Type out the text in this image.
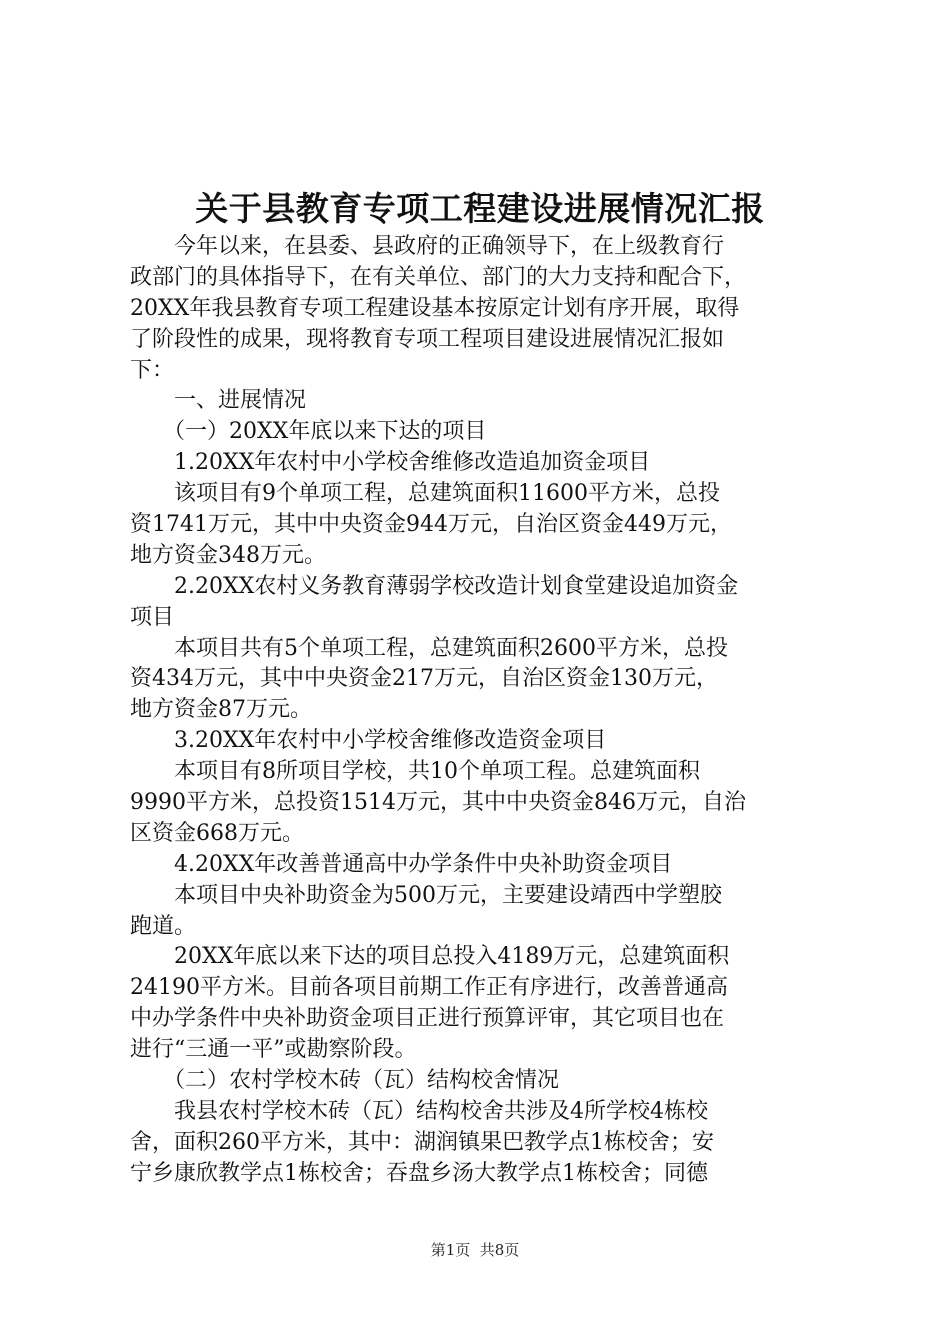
关于县教育专项工程建设进展情况汇报
　　今年以来，在县委、县政府的正确领导下，在上级教育行
政部门的具体指导下，在有关单位、部门的大力支持和配合下，
20XX年我县教育专项工程建设基本按原定计划有序开展，取得
了阶段性的成果，现将教育专项工程项目建设进展情况汇报如
下：
　　一、进展情况
　　（一）20XX年底以来下达的项目
　　1.20XX年农村中小学校舍维修改造追加资金项目
　　该项目有9个单项工程，总建筑面积11600平方米，总投
资1741万元，其中中央资金944万元，自治区资金449万元，
地方资金348万元。
　　2.20XX农村义务教育薄弱学校改造计划食堂建设追加资金
项目
　　本项目共有5个单项工程，总建筑面积2600平方米，总投
资434万元，其中中央资金217万元，自治区资金130万元，
地方资金87万元。
　　3.20XX年农村中小学校舍维修改造资金项目
　　本项目有8所项目学校，共10个单项工程。总建筑面积
9990平方米，总投资1514万元，其中中央资金846万元，自治
区资金668万元。
　　4.20XX年改善普通高中办学条件中央补助资金项目
　　本项目中央补助资金为500万元，主要建设靖西中学塑胶
跑道。
　　20XX年底以来下达的项目总投入4189万元，总建筑面积
24190平方米。目前各项目前期工作正有序进行，改善普通高
中办学条件中央补助资金项目正进行预算评审，其它项目也在
进行“三通一平”或勘察阶段。
　　（二）农村学校木砖（瓦）结构校舍情况
　　我县农村学校木砖（瓦）结构校舍共涉及4所学校4栋校
舍，面积260平方米，其中：湖润镇果巴教学点1栋校舍；安
宁乡康欣教学点1栋校舍；吞盘乡汤大教学点1栋校舍；同德
第1页  共8页
